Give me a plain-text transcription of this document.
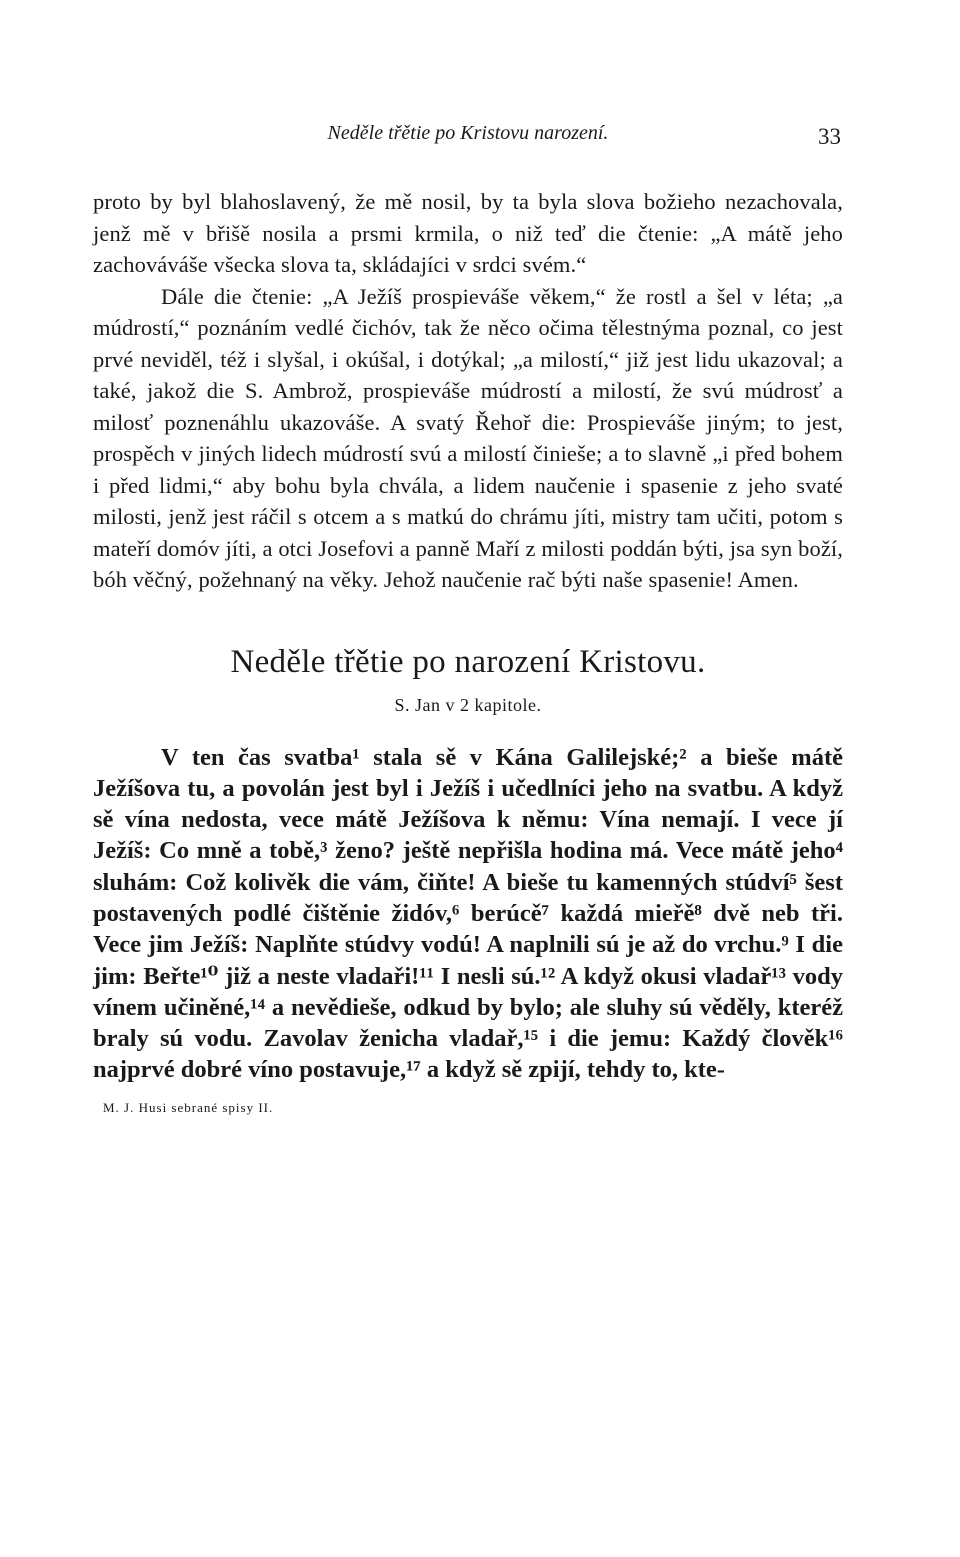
Neděle třětie po Kristovu narození.	33

proto by byl blahoslavený, že mě nosil, by ta byla slova božieho nezachovala, jenž mě v břišě nosila a prsmi krmila, o niž teď die čtenie: „A mátě jeho zachováváše všecka slova ta, skládajíci v srdci svém.“

Dále die čtenie: „A Ježíš prospieváše věkem,“ že rostl a šel v léta; „a múdrostí,“ poznáním vedlé čichóv, tak že něco očima tělestnýma poznal, co jest prvé neviděl, též i slyšal, i okúšal, i dotýkal; „a milostí,“ již jest lidu ukazoval; a také, jakož die S. Ambrož, prospieváše múdrostí a milostí, že svú múdrosť a milosť poznenáhlu ukazováše. A svatý Řehoř die: Prospieváše jiným; to jest, prospěch v jiných lidech múdrostí svú a milostí činieše; a to slavně „i před bohem i před lidmi,“ aby bohu byla chvála, a lidem naučenie i spasenie z jeho svaté milosti, jenž jest ráčil s otcem a s matkú do chrámu jíti, mistry tam učiti, potom s mateří domóv jíti, a otci Josefovi a panně Maří z milosti poddán býti, jsa syn boží, bóh věčný, požehnaný na věky. Jehož naučenie rač býti naše spasenie! Amen.

Neděle třětie po narození Kristovu.
S. Jan v 2 kapitole.

V ten čas svatba¹ stala sě v Kána Galilejské;² a bieše mátě Ježíšova tu, a povolán jest byl i Ježíš i učedlníci jeho na svatbu. A když sě vína nedosta, vece mátě Ježíšova k němu: Vína nemají. I vece jí Ježíš: Co mně a tobě,³ ženo? ještě nepřišla hodina má. Vece mátě jeho⁴ sluhám: Což kolivěk die vám, čiňte! A bieše tu kamenných stúdví⁵ šest postavených podlé čištěnie židóv,⁶ berúcě⁷ každá mieřě⁸ dvě neb tři. Vece jim Ježíš: Naplňte stúdvy vodú! A naplnili sú je až do vrchu.⁹ I die jim: Beřte¹⁰ již a neste vladaři!¹¹ I nesli sú.¹² A když okusi vladař¹³ vody vínem učiněné,¹⁴ a nevědieše, odkud by bylo; ale sluhy sú věděly, kteréž braly sú vodu. Zavolav ženicha vladař,¹⁵ i die jemu: Každý člověk¹⁶ najprvé dobré víno postavuje,¹⁷ a když sě zpijí, tehdy to, kte-

M. J. Husi sebrané spisy II.
